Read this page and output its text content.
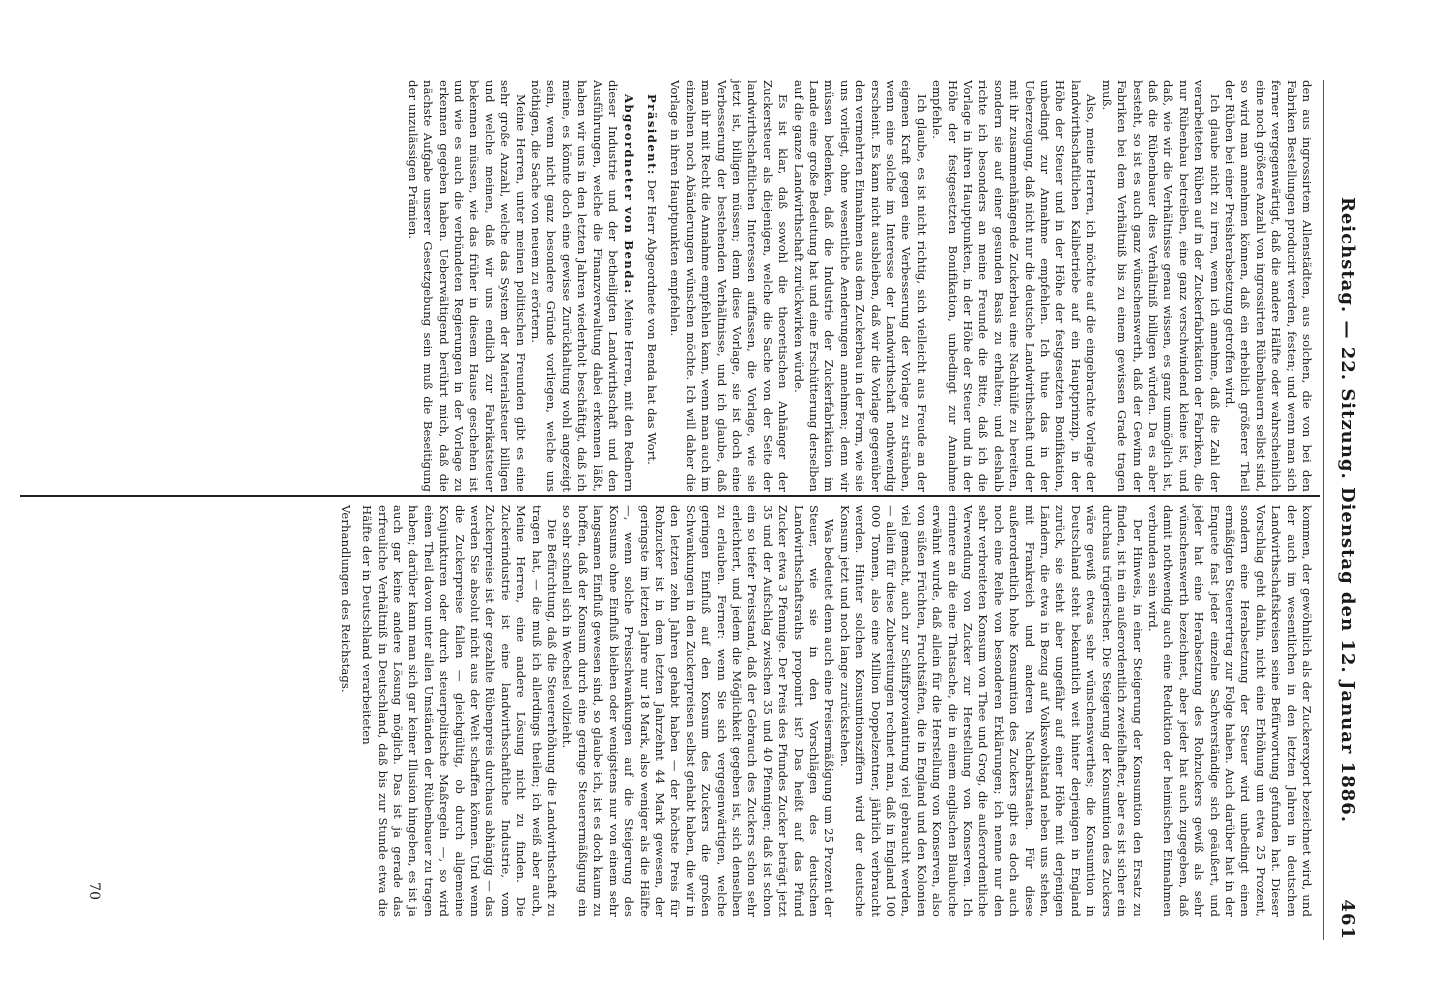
Reichstag. — 22. Sitzung. Dienstag den 12. Januar 1886.
461

den aus ingrossirtem Allenstädten, aus solchen, die von bei den Fabriken Bestellungen producirt werden, festen; und wenn man sich ferner vergegenwärtigt, daß die andere Hälfte oder wahrscheinlich eine noch größere Anzahl von ingrossirten Rübenbauern selbst sind, so wird man annehmen können, daß ein erheblich größerer Theil der Rüben bei einer Preisherabsetzung getroffen wird.

Ich glaube nicht zu irren, wenn ich annehme, daß die Zahl der verarbeiteten Rüben auf in der Zuckerfabrikation der Fabriken, die nur Rübenbau betreiben, eine ganz verschwindend kleine ist, und daß, wie wir die Verhältnisse genau wissen, es ganz unmöglich ist, daß die Rübenbauer dies Verhältniß billigen würden. Da es aber besteht, so ist es auch ganz wünschenswerth, daß der Gewinn der Fabriken bei dem Verhältniß bis zu einem gewissen Grade tragen muß.

Also, meine Herren, ich möchte auf die eingebrachte Vorlage der landwirthschaftlichen Kalibetriebe auf ein Hauptprinzip, in der Höhe der Steuer und in der Höhe der festgesetzten Bonifikation, unbedingt zur Annahme empfehlen. Ich thue das in der Ueberzeugung, daß nicht nur die deutsche Landwirthschaft und der mit ihr zusammenhängende Zuckerbau eine Nachhülfe zu bereiten, sondern sie auf einer gesunden Basis zu erhalten; und deshalb richte ich besonders an meine Freunde die Bitte, daß ich die Vorlage in ihren Hauptpunkten, in der Höhe der Steuer und in der Höhe der festgesetzten Bonifikation, unbedingt zur Annahme empfehle.

Ich glaube, es ist nicht richtig, sich vielleicht aus Freude an der eigenen Kraft gegen eine Verbesserung der Vorlage zu sträuben, wenn eine solche im Interesse der Landwirthschaft nothwendig erscheint. Es kann nicht ausbleiben, daß wir die Vorlage gegenüber den vermehrten Einnahmen aus dem Zuckerbau in der Form, wie sie uns vorliegt, ohne wesentliche Aenderungen annehmen; denn wir müssen bedenken, daß die Industrie der Zuckerfabrikation im Lande eine große Bedeutung hat und eine Erschütterung derselben auf die ganze Landwirthschaft zurückwirken würde.

Es ist klar, daß sowohl die theoretischen Anhänger der Zuckersteuer als diejenigen, welche die Sache von der Seite der landwirthschaftlichen Interessen auffassen, die Vorlage, wie sie jetzt ist, billigen müssen; denn diese Vorlage, sie ist doch eine Verbesserung der bestehenden Verhältnisse, und ich glaube, daß man ihr mit Recht die Annahme empfehlen kann, wenn man auch im einzelnen noch Abänderungen wünschen möchte. Ich will daher die Vorlage in ihren Hauptpunkten empfehlen.

Präsident: Der Herr Abgeordnete von Benda hat das Wort.

Abgeordneter von Benda: Meine Herren, mit den Rednern dieser Industrie und der betheiligten Landwirthschaft und den Ausführungen, welche die Finanzverwaltung dabei erkennen läßt, haben wir uns in den letzten Jahren wiederholt beschäftigt, daß ich meine, es könnte doch eine gewisse Zurückhaltung wohl angezeigt sein, wenn nicht ganz besondere Gründe vorliegen, welche uns nöthigen, die Sache von neuem zu erörtern.

Meine Herren, unter meinen politischen Freunden gibt es eine sehr große Anzahl, welche das System der Materialsteuer billigen und welche meinen, daß wir uns endlich zur Fabrikatsteuer bekennen müssen, wie das früher in diesem Hause geschehen ist und wie es auch die verbündeten Regierungen in der Vorlage zu erkennen gegeben haben. Ueberwältigend berührt mich, daß die nächste Aufgabe unserer Gesetzgebung sein muß die Beseitigung der unzulässigen Prämien.

kommen, der gewöhnlich als der Zuckerexport bezeichnet wird, und der auch im wesentlichen in den letzten Jahren in deutschen Landwirthschaftskreisen seine Befürwortung gefunden hat. Dieser Vorschlag geht dahin, nicht eine Erhöhung um etwa 25 Prozent, sondern eine Herabsetzung der Steuer wird unbedingt einen ermäßigten Steuerertrag zur Folge haben. Auch darüber hat in der Enquete fast jeder einzelne Sachverständige sich geäußert, und jeder hat eine Herabsetzung des Rohzuckers gewiß als sehr wünschenswerth bezeichnet, aber jeder hat auch zugegeben, daß damit nothwendig auch eine Reduktion der heimischen Einnahmen verbunden sein wird.

Der Hinweis, in einer Steigerung der Konsumtion den Ersatz zu finden, ist in ein außerordentlich zweifelhafter, aber es ist sicher ein durchaus trügerischer. Die Steigerung der Konsumtion des Zuckers wäre gewiß etwas sehr wünschenswerthes; die Konsumtion in Deutschland steht bekanntlich weit hinter derjenigen in England zurück, sie steht aber ungefähr auf einer Höhe mit derjenigen Ländern, die etwa in Bezug auf Volkswohlstand neben uns stehen, mit Frankreich und anderen Nachbarstaaten. Für diese außerordentlich hohe Konsumtion des Zuckers gibt es doch auch noch eine Reihe von besonderen Erklärungen; ich nenne nur den sehr verbreiteten Konsum von Thee und Grog, die außerordentliche Verwendung von Zucker zur Herstellung von Konserven. Ich erinnere an die eine Thatsache, die in einem englischen Blaubuche erwähnt wurde, daß allein für die Herstellung von Konserven, also von süßen Früchten, Fruchtsäften, die in England und den Kolonien viel gemacht, auch zur Schiffsproviantirung viel gebraucht werden, — allein für diese Zubereitungen rechnet man, daß in England 100 000 Tonnen, also eine Million Doppelzentner, jährlich verbraucht werden. Hinter solchen Konsumtionsziffern wird der deutsche Konsum jetzt und noch lange zurückstehen.

Was bedeutet denn auch eine Preisermäßigung um 25 Prozent der Steuer, wie sie in den Vorschlägen des deutschen Landwirthschaftsraths proponirt ist? Das heißt auf das Pfund Zucker etwa 3 Pfennige. Der Preis des Pfundes Zucker beträgt jetzt 35 und der Aufschlag zwischen 35 und 40 Pfennigen; daß ist schon ein so tiefer Preisstand, daß der Gebrauch des Zuckers schon sehr erleichtert, und jedem die Möglichkeit gegeben ist, sich denselben zu erlauben. Ferner: wenn Sie sich vergegenwärtigen, welche geringen Einfluß auf den Konsum des Zuckers die großen Schwankungen in den Zuckerpreisen selbst gehabt haben, die wir in den letzten zehn Jahren gehabt haben — der höchste Preis für Rohzucker ist in dem letzten Jahrzehnt 44 Mark gewesen, der geringste im letzten Jahre nur 18 Mark, also weniger als die Hälfte —, wenn solche Preisschwankungen auf die Steigerung des Konsums ohne Einfluß bleiben oder wenigstens nur von einem sehr langsamen Einfluß gewesen sind, so glaube ich, ist es doch kaum zu hoffen, daß der Konsum durch eine geringe Steuerermäßigung ein so sehr schnell sich in Wechsel vollzieht.

Die Befürchtung, daß die Steuererhöhung die Landwirthschaft zu tragen hat, — die muß ich allerdings theilen; ich weiß aber auch, Meine Herren, eine andere Lösung nicht zu finden. Die Zuckerindustrie ist eine landwirthschaftliche Industrie, vom Zuckerpreise ist der gezahlte Rübenpreis durchaus abhängig — das werden Sie absolut nicht aus der Welt schaffen können. Und wenn die Zuckerpreise fallen — gleichgültig, ob durch allgemeine Konjunkturen oder durch steuerpolitische Maßregeln —, so wird einen Theil davon unter allen Umständen der Rübenbauer zu tragen haben; darüber kann man sich gar keiner Illusion hingeben, es ist ja auch gar keine andere Lösung möglich. Das ist ja gerade das erfreuliche Verhältniß in Deutschland, daß bis zur Stunde etwa die Hälfte der in Deutschland verarbeiteten

Verhandlungen des Reichstags.

70
